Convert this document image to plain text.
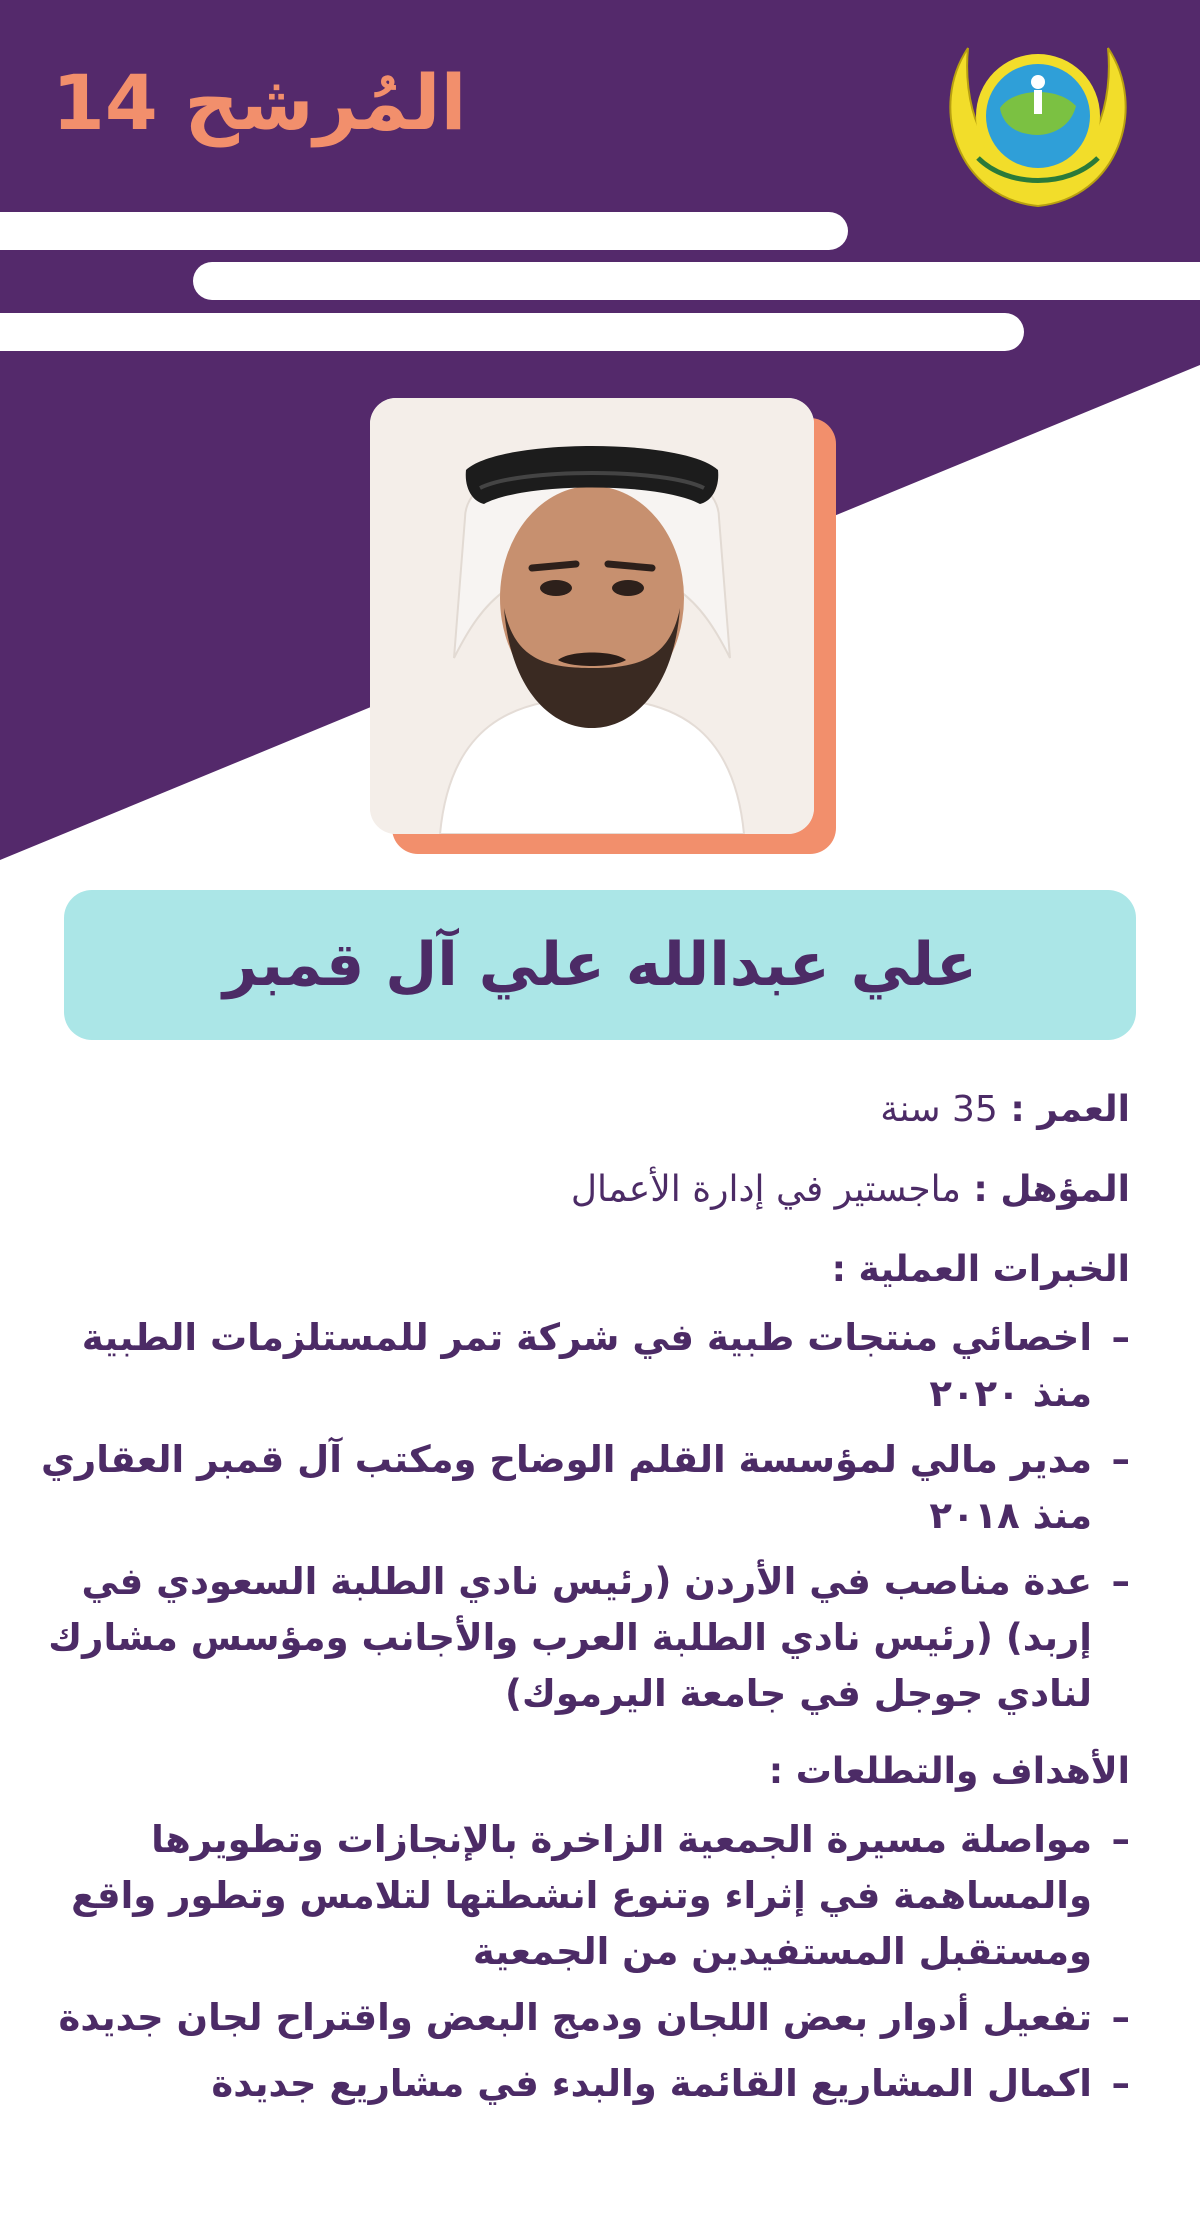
المُرشح 14
علي عبدالله علي آل قمبر
العمر : 35 سنة
المؤهل : ماجستير في إدارة الأعمال
الخبرات العملية :
–
اخصائي منتجات طبية في شركة تمر للمستلزمات الطبية منذ ٢٠٢٠
–
مدير مالي لمؤسسة القلم الوضاح ومكتب آل قمبر العقاري منذ ٢٠١٨
–
عدة مناصب في الأردن (رئيس نادي الطلبة السعودي في إربد) (رئيس نادي الطلبة العرب والأجانب ومؤسس مشارك لنادي جوجل في جامعة اليرموك)
الأهداف والتطلعات :
–
مواصلة مسيرة الجمعية الزاخرة بالإنجازات وتطويرها والمساهمة في إثراء وتنوع انشطتها لتلامس وتطور واقع ومستقبل المستفيدين من الجمعية
–
تفعيل أدوار بعض اللجان ودمج البعض واقتراح لجان جديدة
–
اكمال المشاريع القائمة والبدء في مشاريع جديدة
